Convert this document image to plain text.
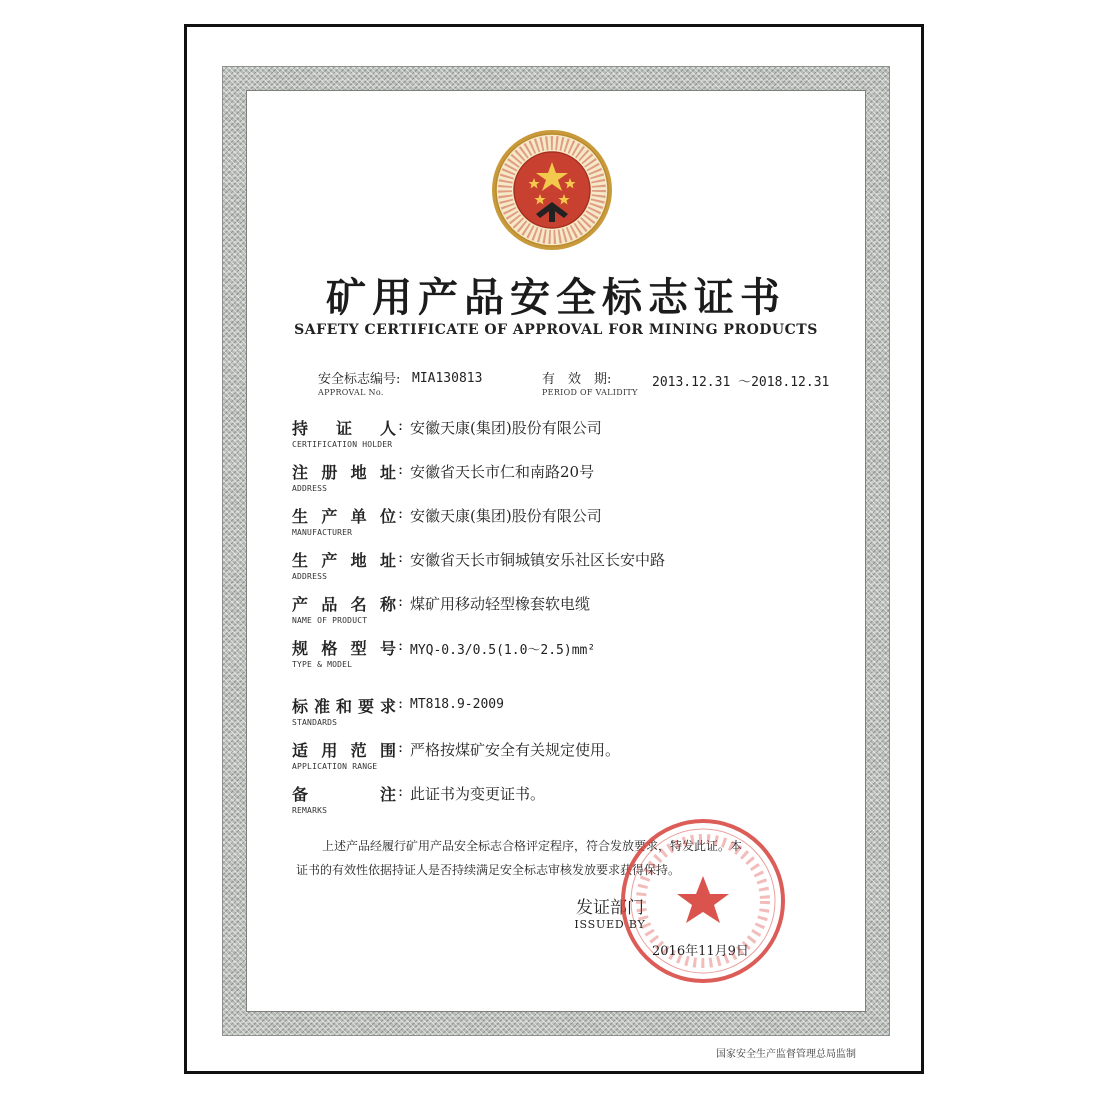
矿用产品安全标志证书
SAFETY CERTIFICATE OF APPROVAL FOR MINING PRODUCTS
安全标志编号: MIA130813
APPROVAL No.
有　效　期:	2013.12.31 ～2018.12.31
PERIOD OF VALIDITY
持 证 人 : 安徽天康(集团)股份有限公司
CERTIFICATION HOLDER
注 册 地 址 : 安徽省天长市仁和南路20号
ADDRESS
生 产 单 位 : 安徽天康(集团)股份有限公司
MANUFACTURER
生 产 地 址 : 安徽省天长市铜城镇安乐社区长安中路
ADDRESS
产 品 名 称 : 煤矿用移动轻型橡套软电缆
NAME OF PRODUCT
规 格 型 号 : MYQ-0.3/0.5(1.0～2.5)mm²
TYPE & MODEL
标 准 和 要 求 : MT818.9-2009
STANDARDS
适 用 范 围 : 严格按煤矿安全有关规定使用。
APPLICATION RANGE
备	注 : 此证书为变更证书。
REMARKS
上述产品经履行矿用产品安全标志合格评定程序，符合发放要求，特发此证。本
证书的有效性依据持证人是否持续满足安全标志审核发放要求获得保持。
发证部门
ISSUED BY
2016年11月9日
国家安全生产监督管理总局监制
